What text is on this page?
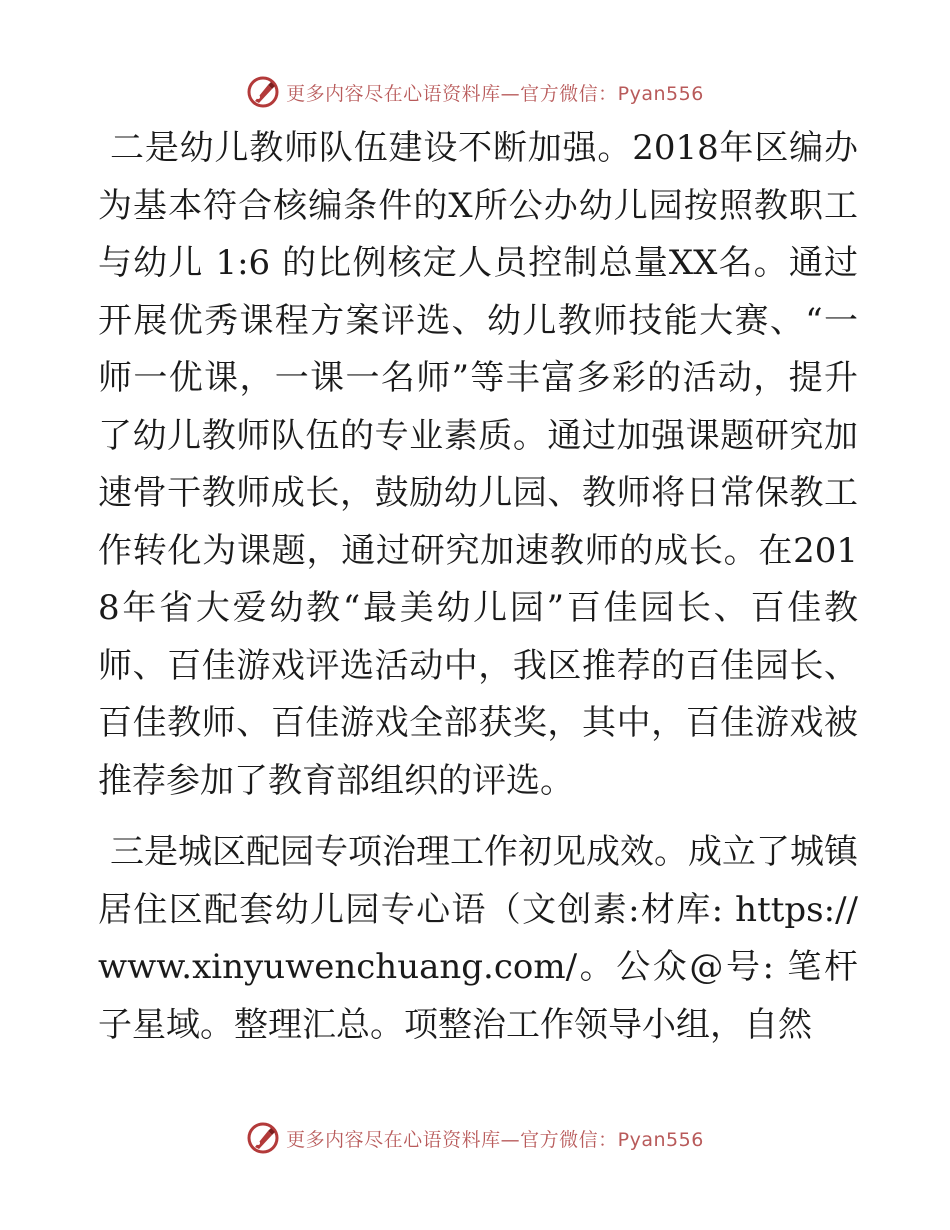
更多内容尽在心语资料库—官方微信：Pyan556

二是幼儿教师队伍建设不断加强。2018年区编办为基本符合核编条件的X所公办幼儿园按照教职工与幼儿 1:6 的比例核定人员控制总量XX名。通过开展优秀课程方案评选、幼儿教师技能大赛、“一师一优课，一课一名师”等丰富多彩的活动，提升了幼儿教师队伍的专业素质。通过加强课题研究加速骨干教师成长，鼓励幼儿园、教师将日常保教工作转化为课题，通过研究加速教师的成长。在2018年省大爱幼教“最美幼儿园”百佳园长、百佳教师、百佳游戏评选活动中，我区推荐的百佳园长、百佳教师、百佳游戏全部获奖，其中，百佳游戏被推荐参加了教育部组织的评选。

三是城区配园专项治理工作初见成效。成立了城镇居住区配套幼儿园专心语（文创素:材库: https://www.xinyuwenchuang.com/。公众@号: 笔杆子星域。整理汇总。项整治工作领导小组，自然

更多内容尽在心语资料库—官方微信：Pyan556
